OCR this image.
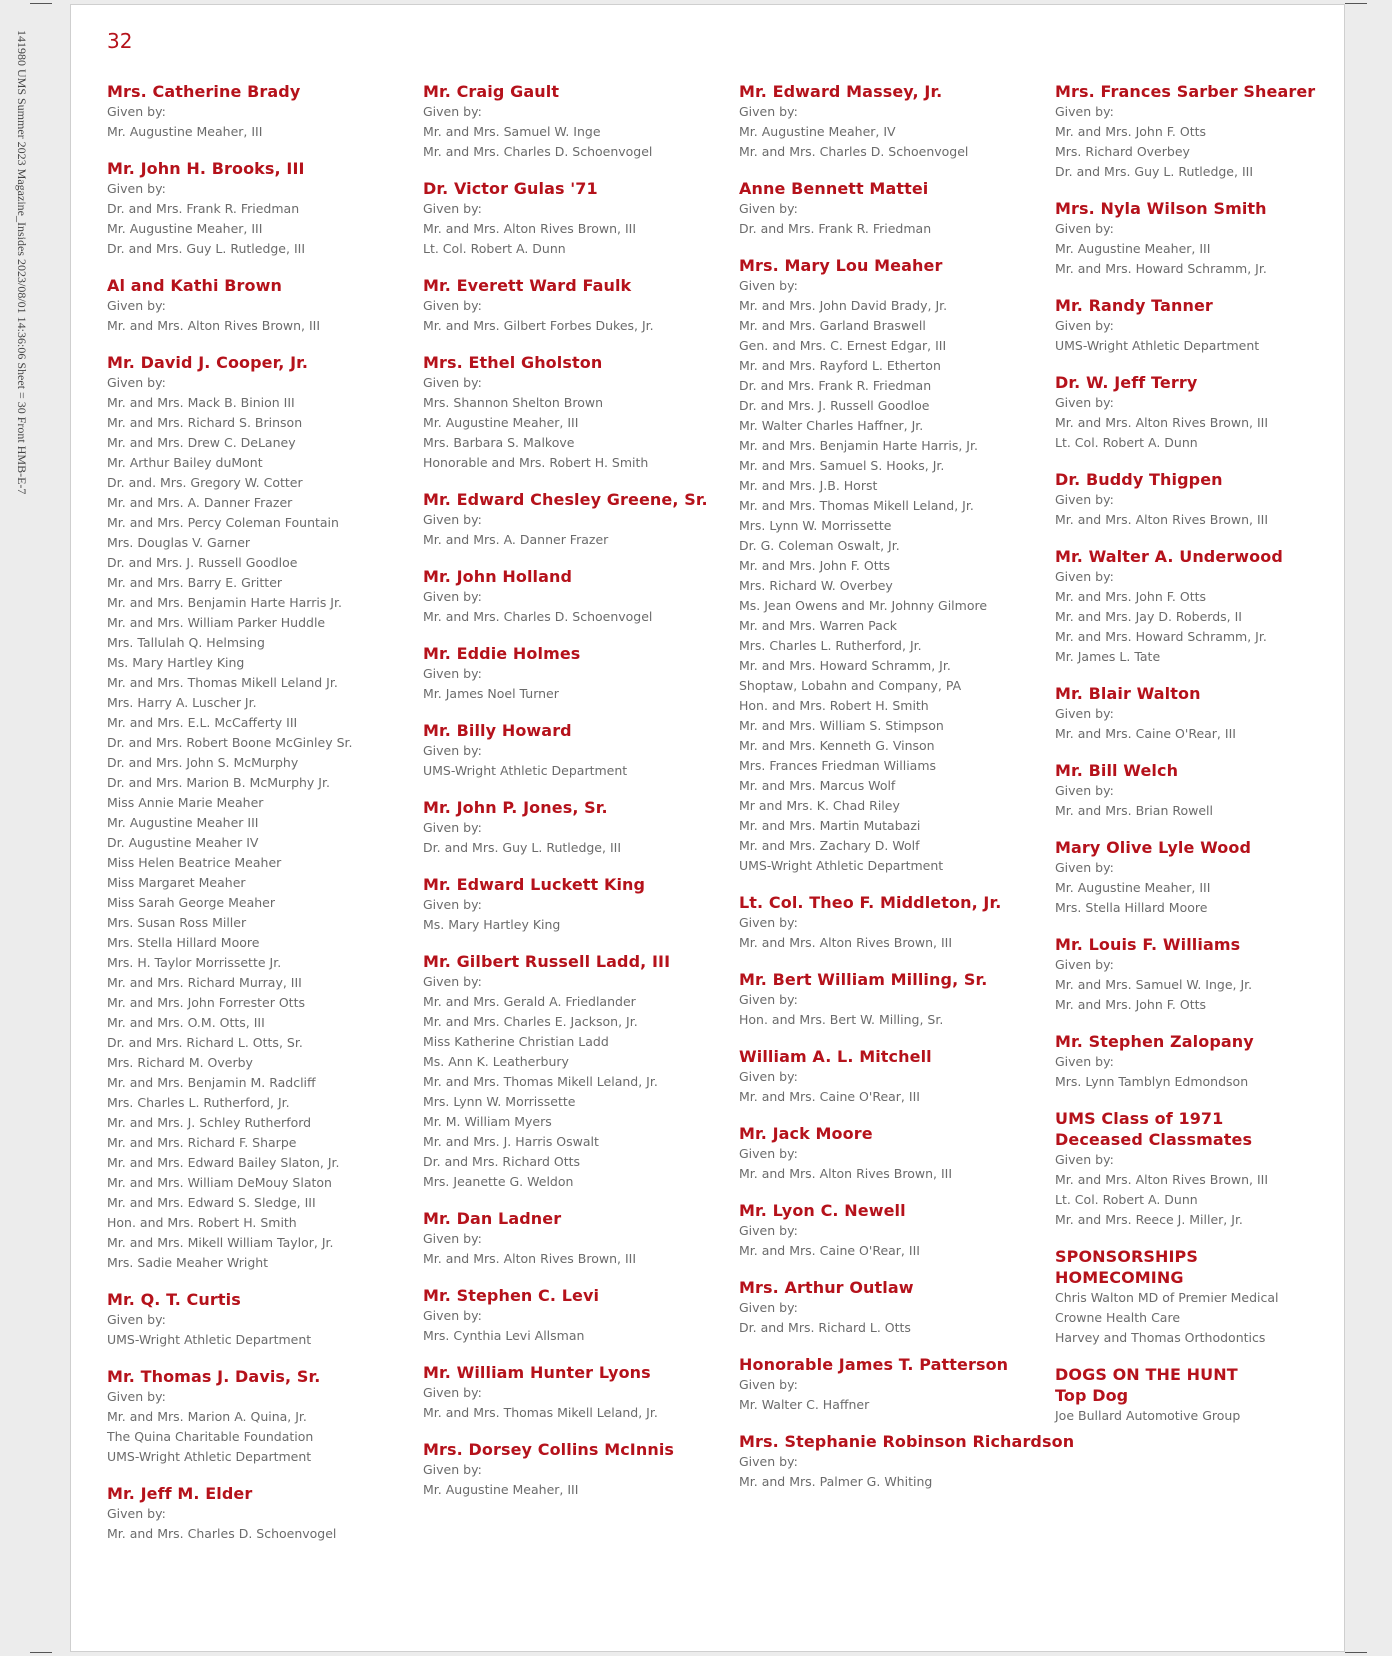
141980 UMS Summer 2023 Magazine_Insides 2023/08/01 14:36:06 Sheet = 30 Front HMB-E-7	32
Mrs. Catherine Brady
Given by:
Mr. Augustine Meaher, III
Mr. John H. Brooks, III
Given by:
Dr. and Mrs. Frank R. Friedman
Mr. Augustine Meaher, III
Dr. and Mrs. Guy L. Rutledge, III
Al and Kathi Brown
Given by:
Mr. and Mrs. Alton Rives Brown, III
Mr. David J. Cooper, Jr.
Given by:
Mr. and Mrs. Mack B. Binion III
Mr. and Mrs. Richard S. Brinson
Mr. and Mrs. Drew C. DeLaney
Mr. Arthur Bailey duMont
Dr. and. Mrs. Gregory W. Cotter
Mr. and Mrs. A. Danner Frazer
Mr. and Mrs. Percy Coleman Fountain
Mrs. Douglas V. Garner
Dr. and Mrs. J. Russell Goodloe
Mr. and Mrs. Barry E. Gritter
Mr. and Mrs. Benjamin Harte Harris Jr.
Mr. and Mrs. William Parker Huddle
Mrs. Tallulah Q. Helmsing
Ms. Mary Hartley King
Mr. and Mrs. Thomas Mikell Leland Jr.
Mrs. Harry A. Luscher Jr.
Mr. and Mrs. E.L. McCafferty III
Dr. and Mrs. Robert Boone McGinley Sr.
Dr. and Mrs. John S. McMurphy
Dr. and Mrs. Marion B. McMurphy Jr.
Miss Annie Marie Meaher
Mr. Augustine Meaher III
Dr. Augustine Meaher IV
Miss Helen Beatrice Meaher
Miss Margaret Meaher
Miss Sarah George Meaher
Mrs. Susan Ross Miller
Mrs. Stella Hillard Moore
Mrs. H. Taylor Morrissette Jr.
Mr. and Mrs. Richard Murray, III
Mr. and Mrs. John Forrester Otts
Mr. and Mrs. O.M. Otts, III
Dr. and Mrs. Richard L. Otts, Sr.
Mrs. Richard M. Overby
Mr. and Mrs. Benjamin M. Radcliff
Mrs. Charles L. Rutherford, Jr.
Mr. and Mrs. J. Schley Rutherford
Mr. and Mrs. Richard F. Sharpe
Mr. and Mrs. Edward Bailey Slaton, Jr.
Mr. and Mrs. William DeMouy Slaton
Mr. and Mrs. Edward S. Sledge, III
Hon. and Mrs. Robert H. Smith
Mr. and Mrs. Mikell William Taylor, Jr.
Mrs. Sadie Meaher Wright
Mr. Q. T. Curtis
Given by:
UMS-Wright Athletic Department
Mr. Thomas J. Davis, Sr.
Given by:
Mr. and Mrs. Marion A. Quina, Jr.
The Quina Charitable Foundation
UMS-Wright Athletic Department
Mr. Jeff M. Elder
Given by:
Mr. and Mrs. Charles D. Schoenvogel
Mr. Craig Gault
Given by:
Mr. and Mrs. Samuel W. Inge
Mr. and Mrs. Charles D. Schoenvogel
Dr. Victor Gulas '71
Given by:
Mr. and Mrs. Alton Rives Brown, III
Lt. Col. Robert A. Dunn
Mr. Everett Ward Faulk
Given by:
Mr. and Mrs. Gilbert Forbes Dukes, Jr.
Mrs. Ethel Gholston
Given by:
Mrs. Shannon Shelton Brown
Mr. Augustine Meaher, III
Mrs. Barbara S. Malkove
Honorable and Mrs. Robert H. Smith
Mr. Edward Chesley Greene, Sr.
Given by:
Mr. and Mrs. A. Danner Frazer
Mr. John Holland
Given by:
Mr. and Mrs. Charles D. Schoenvogel
Mr. Eddie Holmes
Given by:
Mr. James Noel Turner
Mr. Billy Howard
Given by:
UMS-Wright Athletic Department
Mr. John P. Jones, Sr.
Given by:
Dr. and Mrs. Guy L. Rutledge, III
Mr. Edward Luckett King
Given by:
Ms. Mary Hartley King
Mr. Gilbert Russell Ladd, III
Given by:
Mr. and Mrs. Gerald A. Friedlander
Mr. and Mrs. Charles E. Jackson, Jr.
Miss Katherine Christian Ladd
Ms. Ann K. Leatherbury
Mr. and Mrs. Thomas Mikell Leland, Jr.
Mrs. Lynn W. Morrissette
Mr. M. William Myers
Mr. and Mrs. J. Harris Oswalt
Dr. and Mrs. Richard Otts
Mrs. Jeanette G. Weldon
Mr. Dan Ladner
Given by:
Mr. and Mrs. Alton Rives Brown, III
Mr. Stephen C. Levi
Given by:
Mrs. Cynthia Levi Allsman
Mr. William Hunter Lyons
Given by:
Mr. and Mrs. Thomas Mikell Leland, Jr.
Mrs. Dorsey Collins McInnis
Given by:
Mr. Augustine Meaher, III
Mr. Edward Massey, Jr.
Given by:
Mr. Augustine Meaher, IV
Mr. and Mrs. Charles D. Schoenvogel
Anne Bennett Mattei
Given by:
Dr. and Mrs. Frank R. Friedman
Mrs. Mary Lou Meaher
Given by:
Mr. and Mrs. John David Brady, Jr.
Mr. and Mrs. Garland Braswell
Gen. and Mrs. C. Ernest Edgar, III
Mr. and Mrs. Rayford L. Etherton
Dr. and Mrs. Frank R. Friedman
Dr. and Mrs. J. Russell Goodloe
Mr. Walter Charles Haffner, Jr.
Mr. and Mrs. Benjamin Harte Harris, Jr.
Mr. and Mrs. Samuel S. Hooks, Jr.
Mr. and Mrs. J.B. Horst
Mr. and Mrs. Thomas Mikell Leland, Jr.
Mrs. Lynn W. Morrissette
Dr. G. Coleman Oswalt, Jr.
Mr. and Mrs. John F. Otts
Mrs. Richard W. Overbey
Ms. Jean Owens and Mr. Johnny Gilmore
Mr. and Mrs. Warren Pack
Mrs. Charles L. Rutherford, Jr.
Mr. and Mrs. Howard Schramm, Jr.
Shoptaw, Lobahn and Company, PA
Hon. and Mrs. Robert H. Smith
Mr. and Mrs. William S. Stimpson
Mr. and Mrs. Kenneth G. Vinson
Mrs. Frances Friedman Williams
Mr. and Mrs. Marcus Wolf
Mr and Mrs. K. Chad Riley
Mr. and Mrs. Martin Mutabazi
Mr. and Mrs. Zachary D. Wolf
UMS-Wright Athletic Department
Lt. Col. Theo F. Middleton, Jr.
Given by:
Mr. and Mrs. Alton Rives Brown, III
Mr. Bert William Milling, Sr.
Given by:
Hon. and Mrs. Bert W. Milling, Sr.
William A. L. Mitchell
Given by:
Mr. and Mrs. Caine O'Rear, III
Mr. Jack Moore
Given by:
Mr. and Mrs. Alton Rives Brown, III
Mr. Lyon C. Newell
Given by:
Mr. and Mrs. Caine O'Rear, III
Mrs. Arthur Outlaw
Given by:
Dr. and Mrs. Richard L. Otts
Honorable James T. Patterson
Given by:
Mr. Walter C. Haffner
Mrs. Stephanie Robinson Richardson
Given by:
Mr. and Mrs. Palmer G. Whiting
Mrs. Frances Sarber Shearer
Given by:
Mr. and Mrs. John F. Otts
Mrs. Richard Overbey
Dr. and Mrs. Guy L. Rutledge, III
Mrs. Nyla Wilson Smith
Given by:
Mr. Augustine Meaher, III
Mr. and Mrs. Howard Schramm, Jr.
Mr. Randy Tanner
Given by:
UMS-Wright Athletic Department
Dr. W. Jeff Terry
Given by:
Mr. and Mrs. Alton Rives Brown, III
Lt. Col. Robert A. Dunn
Dr. Buddy Thigpen
Given by:
Mr. and Mrs. Alton Rives Brown, III
Mr. Walter A. Underwood
Given by:
Mr. and Mrs. John F. Otts
Mr. and Mrs. Jay D. Roberds, II
Mr. and Mrs. Howard Schramm, Jr.
Mr. James L. Tate
Mr. Blair Walton
Given by:
Mr. and Mrs. Caine O'Rear, III
Mr. Bill Welch
Given by:
Mr. and Mrs. Brian Rowell
Mary Olive Lyle Wood
Given by:
Mr. Augustine Meaher, III
Mrs. Stella Hillard Moore
Mr. Louis F. Williams
Given by:
Mr. and Mrs. Samuel W. Inge, Jr.
Mr. and Mrs. John F. Otts
Mr. Stephen Zalopany
Given by:
Mrs. Lynn Tamblyn Edmondson
UMS Class of 1971
Deceased Classmates
Given by:
Mr. and Mrs. Alton Rives Brown, III
Lt. Col. Robert A. Dunn
Mr. and Mrs. Reece J. Miller, Jr.
SPONSORSHIPS
HOMECOMING
Chris Walton MD of Premier Medical
Crowne Health Care
Harvey and Thomas Orthodontics
DOGS ON THE HUNT
Top Dog
Joe Bullard Automotive Group
